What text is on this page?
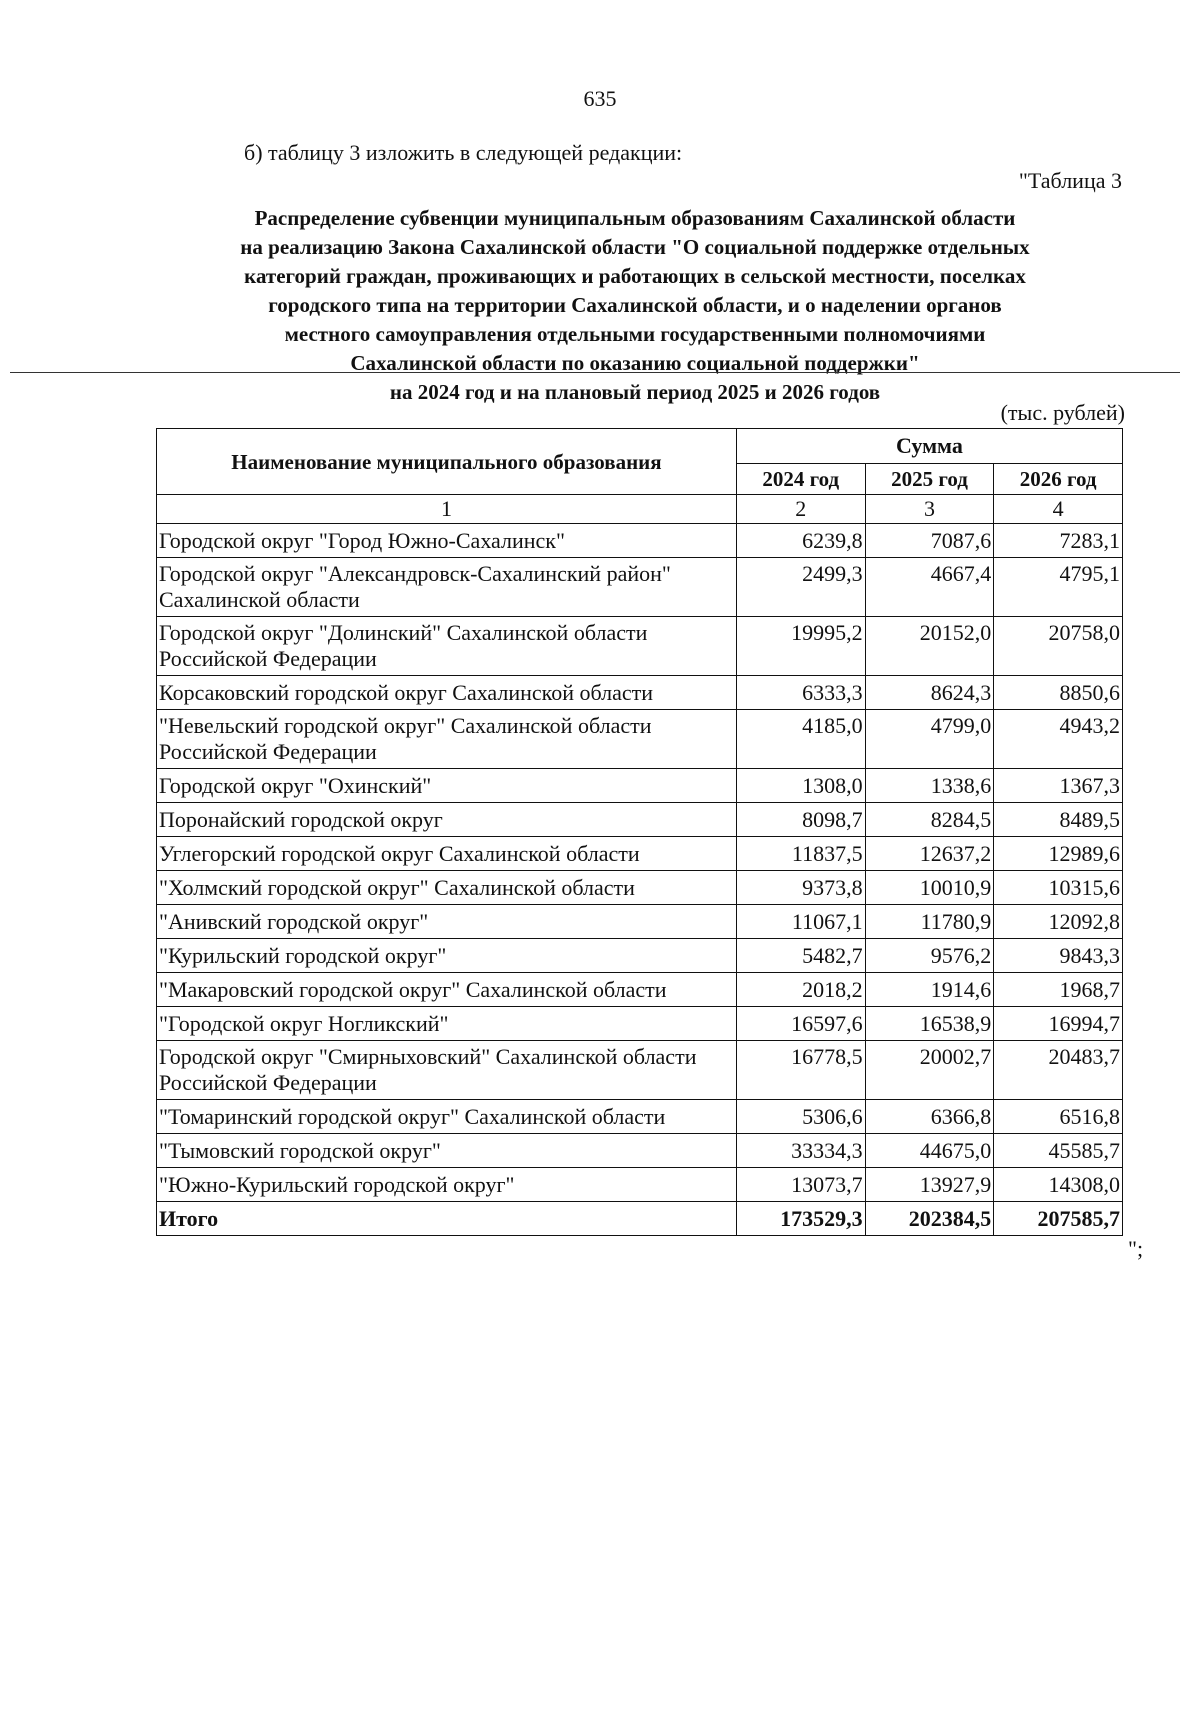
635
б) таблицу 3 изложить в следующей редакции:
"Таблица 3
Распределение субвенции муниципальным образованиям Сахалинской области
на реализацию Закона Сахалинской области "О социальной поддержке отдельных
категорий граждан, проживающих и работающих в сельской местности, поселках
городского типа на территории Сахалинской области, и о наделении органов
местного самоуправления отдельными государственными полномочиями
Сахалинской области по оказанию социальной поддержки"
на 2024 год и на плановый период 2025 и 2026 годов
(тыс. рублей)
Наименование муниципального образования	Сумма		
	2024 год	2025 год	2026 год
1	2	3	4
Городской округ "Город Южно-Сахалинск"	6239,8	7087,6	7283,1
Городской округ "Александровск-Сахалинский район" Сахалинской области	2499,3	4667,4	4795,1
Городской округ "Долинский" Сахалинской области Российской Федерации	19995,2	20152,0	20758,0
Корсаковский городской округ Сахалинской области	6333,3	8624,3	8850,6
"Невельский городской округ" Сахалинской области Российской Федерации	4185,0	4799,0	4943,2
Городской округ "Охинский"	1308,0	1338,6	1367,3
Поронайский городской округ	8098,7	8284,5	8489,5
Углегорский городской округ Сахалинской области	11837,5	12637,2	12989,6
"Холмский городской округ" Сахалинской области	9373,8	10010,9	10315,6
"Анивский городской округ"	11067,1	11780,9	12092,8
"Курильский городской округ"	5482,7	9576,2	9843,3
"Макаровский городской округ" Сахалинской области	2018,2	1914,6	1968,7
"Городской округ Ногликский"	16597,6	16538,9	16994,7
Городской округ "Смирныховский" Сахалинской области Российской Федерации	16778,5	20002,7	20483,7
"Томаринский городской округ" Сахалинской области	5306,6	6366,8	6516,8
"Тымовский городской округ"	33334,3	44675,0	45585,7
"Южно-Курильский городской округ"	13073,7	13927,9	14308,0
Итого	173529,3	202384,5	207585,7
";
